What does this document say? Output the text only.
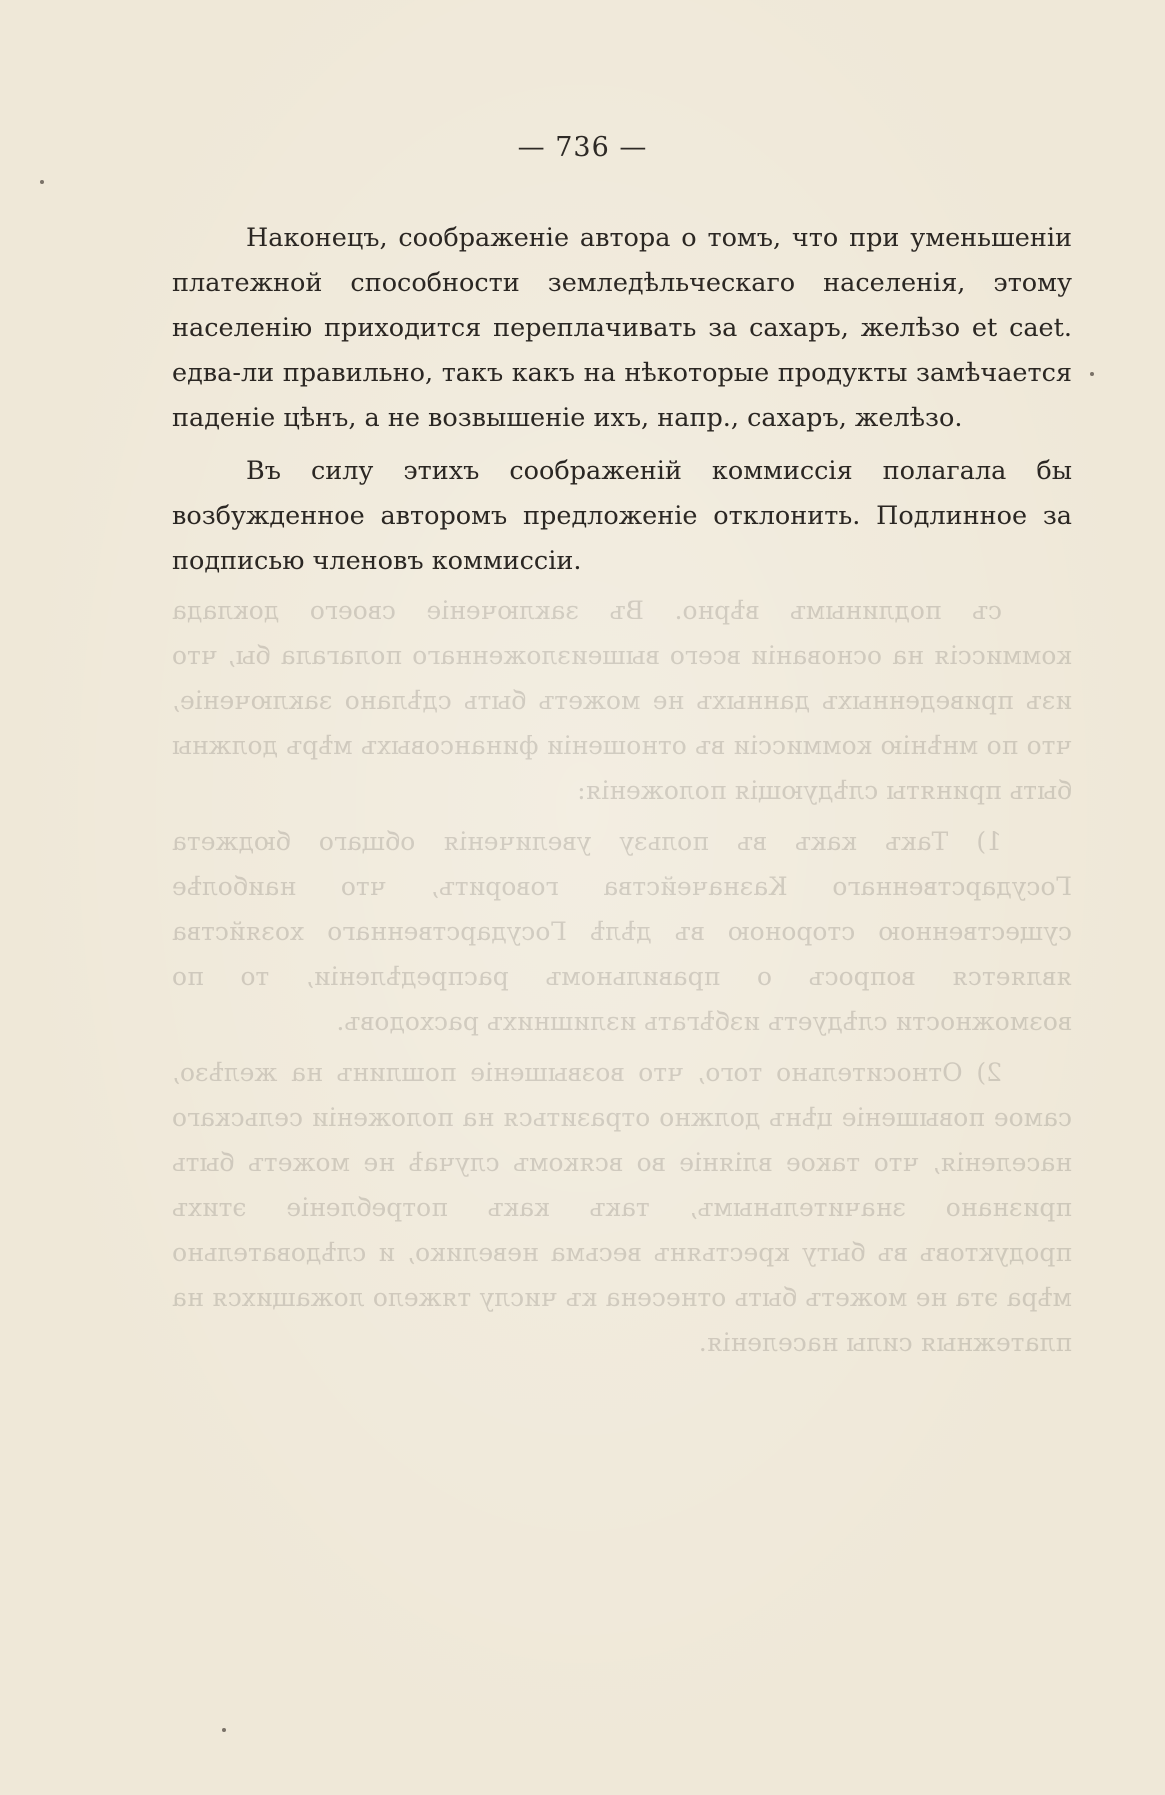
съ подлинымъ вѣрно. Въ заключеніе своего доклада коммиссія на основаніи всего вышеизложеннаго полагала бы, что изъ приведенныхъ данныхъ не можетъ быть сдѣлано заключеніе, что по мнѣнію коммиссіи въ отношеніи финансовыхъ мѣръ должны быть приняты слѣдующія положенія:

1) Такъ какъ въ пользу увеличенія общаго бюджета Государственнаго Казначейства говоритъ, что наиболѣе существенною стороною въ дѣлѣ Государственнаго хозяйства является вопросъ о правильномъ распредѣленіи, то по возможности слѣдуетъ избѣгать излишнихъ расходовъ.

2) Относительно того, что возвышеніе пошлинъ на желѣзо, самое повышеніе цѣнъ должно отразиться на положеніи сельскаго населенія, что такое вліяніе во всякомъ случаѣ не можетъ быть признано значительнымъ, такъ какъ потребленіе этихъ продуктовъ въ быту крестьянъ весьма невелико, и слѣдовательно мѣра эта не можетъ быть отнесена къ числу тяжело ложащихся на платежныя силы населенія.

— 736 —

Наконецъ, соображеніе автора о томъ, что при уменьшеніи платежной способности земледѣльческаго населенія, этому населенію приходится переплачивать за сахаръ, желѣзо et caet. едва-ли правильно, такъ какъ на нѣкоторые продукты замѣчается паденіе цѣнъ, а не возвышеніе ихъ, напр., сахаръ, желѣзо.

Въ силу этихъ соображеній коммиссія полагала бы возбужденное авторомъ предложеніе отклонить. Подлинное за подписью членовъ коммиссіи.
